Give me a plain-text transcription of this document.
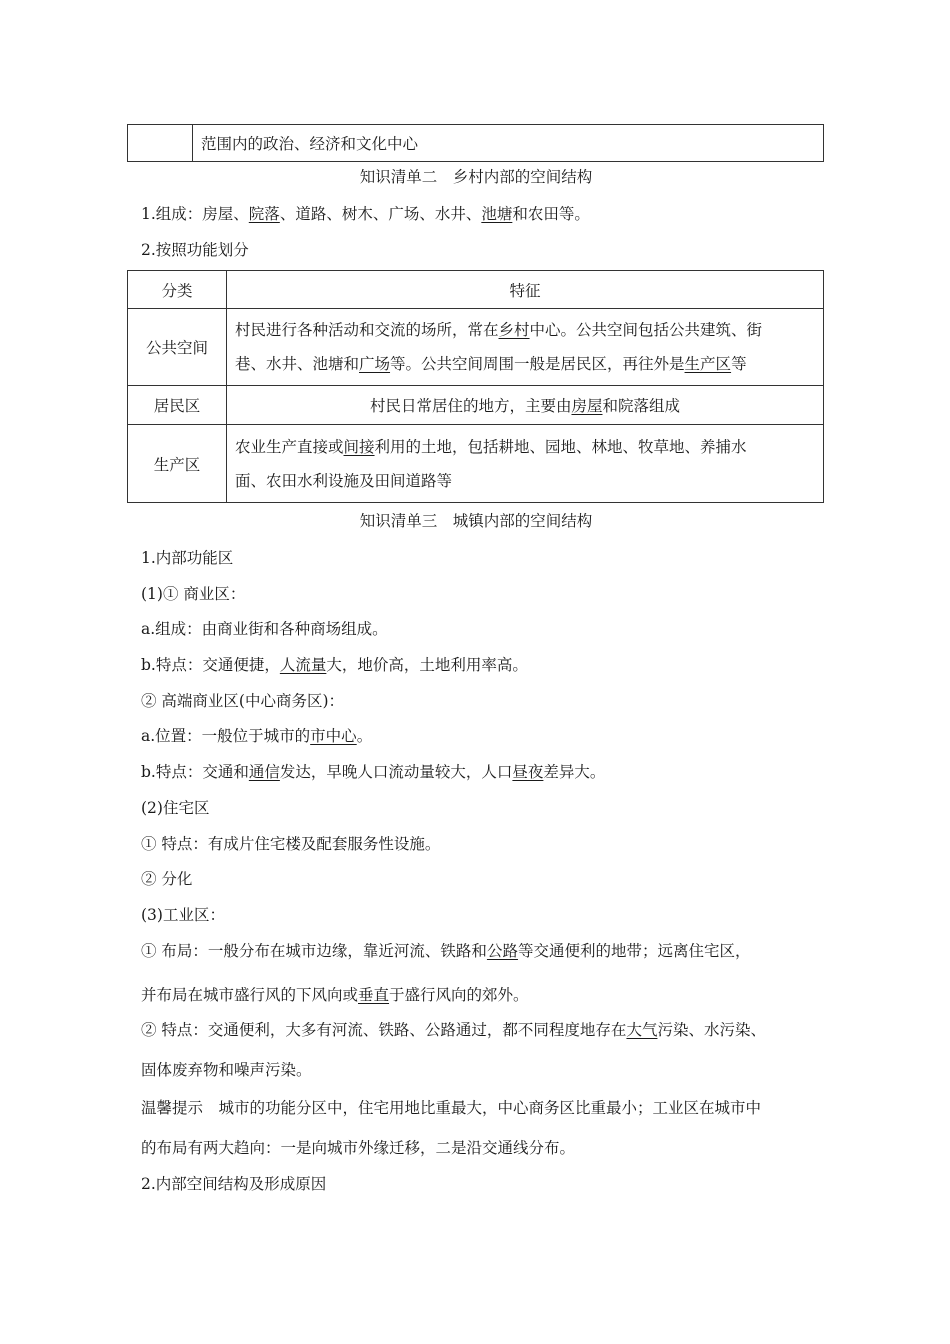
	范围内的政治、经济和文化中心
知识清单二　乡村内部的空间结构
1.组成：房屋、院落、道路、树木、广场、水井、池塘和农田等。
2.按照功能划分
分类	特征
公共空间	村民进行各种活动和交流的场所，常在乡村中心。公共空间包括公共建筑、街
巷、水井、池塘和广场等。公共空间周围一般是居民区，再往外是生产区等

居民区	村民日常居住的地方，主要由房屋和院落组成
生产区	农业生产直接或间接利用的土地，包括耕地、园地、林地、牧草地、养捕水
面、农田水利设施及田间道路等
知识清单三　城镇内部的空间结构
1.内部功能区
(1)① 商业区：
a.组成：由商业街和各种商场组成。
b.特点：交通便捷，人流量大，地价高，土地利用率高。
② 高端商业区(中心商务区)：
a.位置：一般位于城市的市中心。
b.特点：交通和通信发达，早晚人口流动量较大，人口昼夜差异大。
(2)住宅区
① 特点：有成片住宅楼及配套服务性设施。
② 分化
(3)工业区：
① 布局：一般分布在城市边缘，靠近河流、铁路和公路等交通便利的地带；远离住宅区，
并布局在城市盛行风的下风向或垂直于盛行风向的郊外。
② 特点：交通便利，大多有河流、铁路、公路通过，都不同程度地存在大气污染、水污染、
固体废弃物和噪声污染。
温馨提示　城市的功能分区中，住宅用地比重最大，中心商务区比重最小；工业区在城市中
的布局有两大趋向：一是向城市外缘迁移，二是沿交通线分布。
2.内部空间结构及形成原因
